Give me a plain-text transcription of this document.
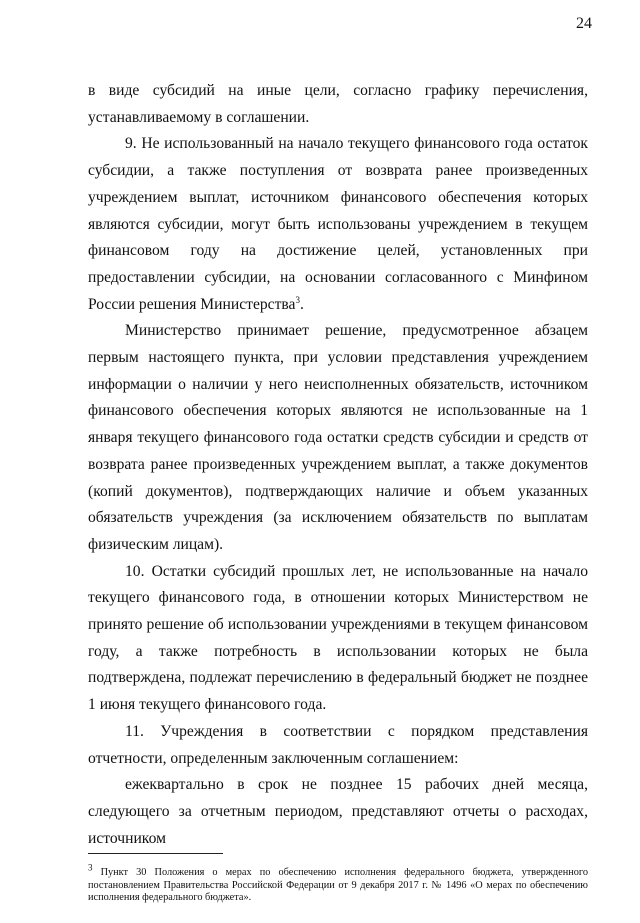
24

в виде субсидий на иные цели, согласно графику перечисления, устанавливаемому в соглашении.

9. Не использованный на начало текущего финансового года остаток субсидии, а также поступления от возврата ранее произведенных учреждением выплат, источником финансового обеспечения которых являются субсидии, могут быть использованы учреждением в текущем финансовом году на достижение целей, установленных при предоставлении субсидии, на основании согласованного с Минфином России решения Министерства$^3$.

Министерство принимает решение, предусмотренное абзацем первым настоящего пункта, при условии представления учреждением информации о наличии у него неисполненных обязательств, источником финансового обеспечения которых являются не использованные на 1 января текущего финансового года остатки средств субсидии и средств от возврата ранее произведенных учреждением выплат, а также документов (копий документов), подтверждающих наличие и объем указанных обязательств учреждения (за исключением обязательств по выплатам физическим лицам).

10. Остатки субсидий прошлых лет, не использованные на начало текущего финансового года, в отношении которых Министерством не принято решение об использовании учреждениями в текущем финансовом году, а также потребность в использовании которых не была подтверждена, подлежат перечислению в федеральный бюджет не позднее 1 июня текущего финансового года.

11. Учреждения в соответствии с порядком представления отчетности, определенным заключенным соглашением:

ежеквартально в срок не позднее 15 рабочих дней месяца, следующего за отчетным периодом, представляют отчеты о расходах, источником

$^3$ Пункт 30 Положения о мерах по обеспечению исполнения федерального бюджета, утвержденного постановлением Правительства Российской Федерации от 9 декабря 2017 г. № 1496 «О мерах по обеспечению исполнения федерального бюджета».
